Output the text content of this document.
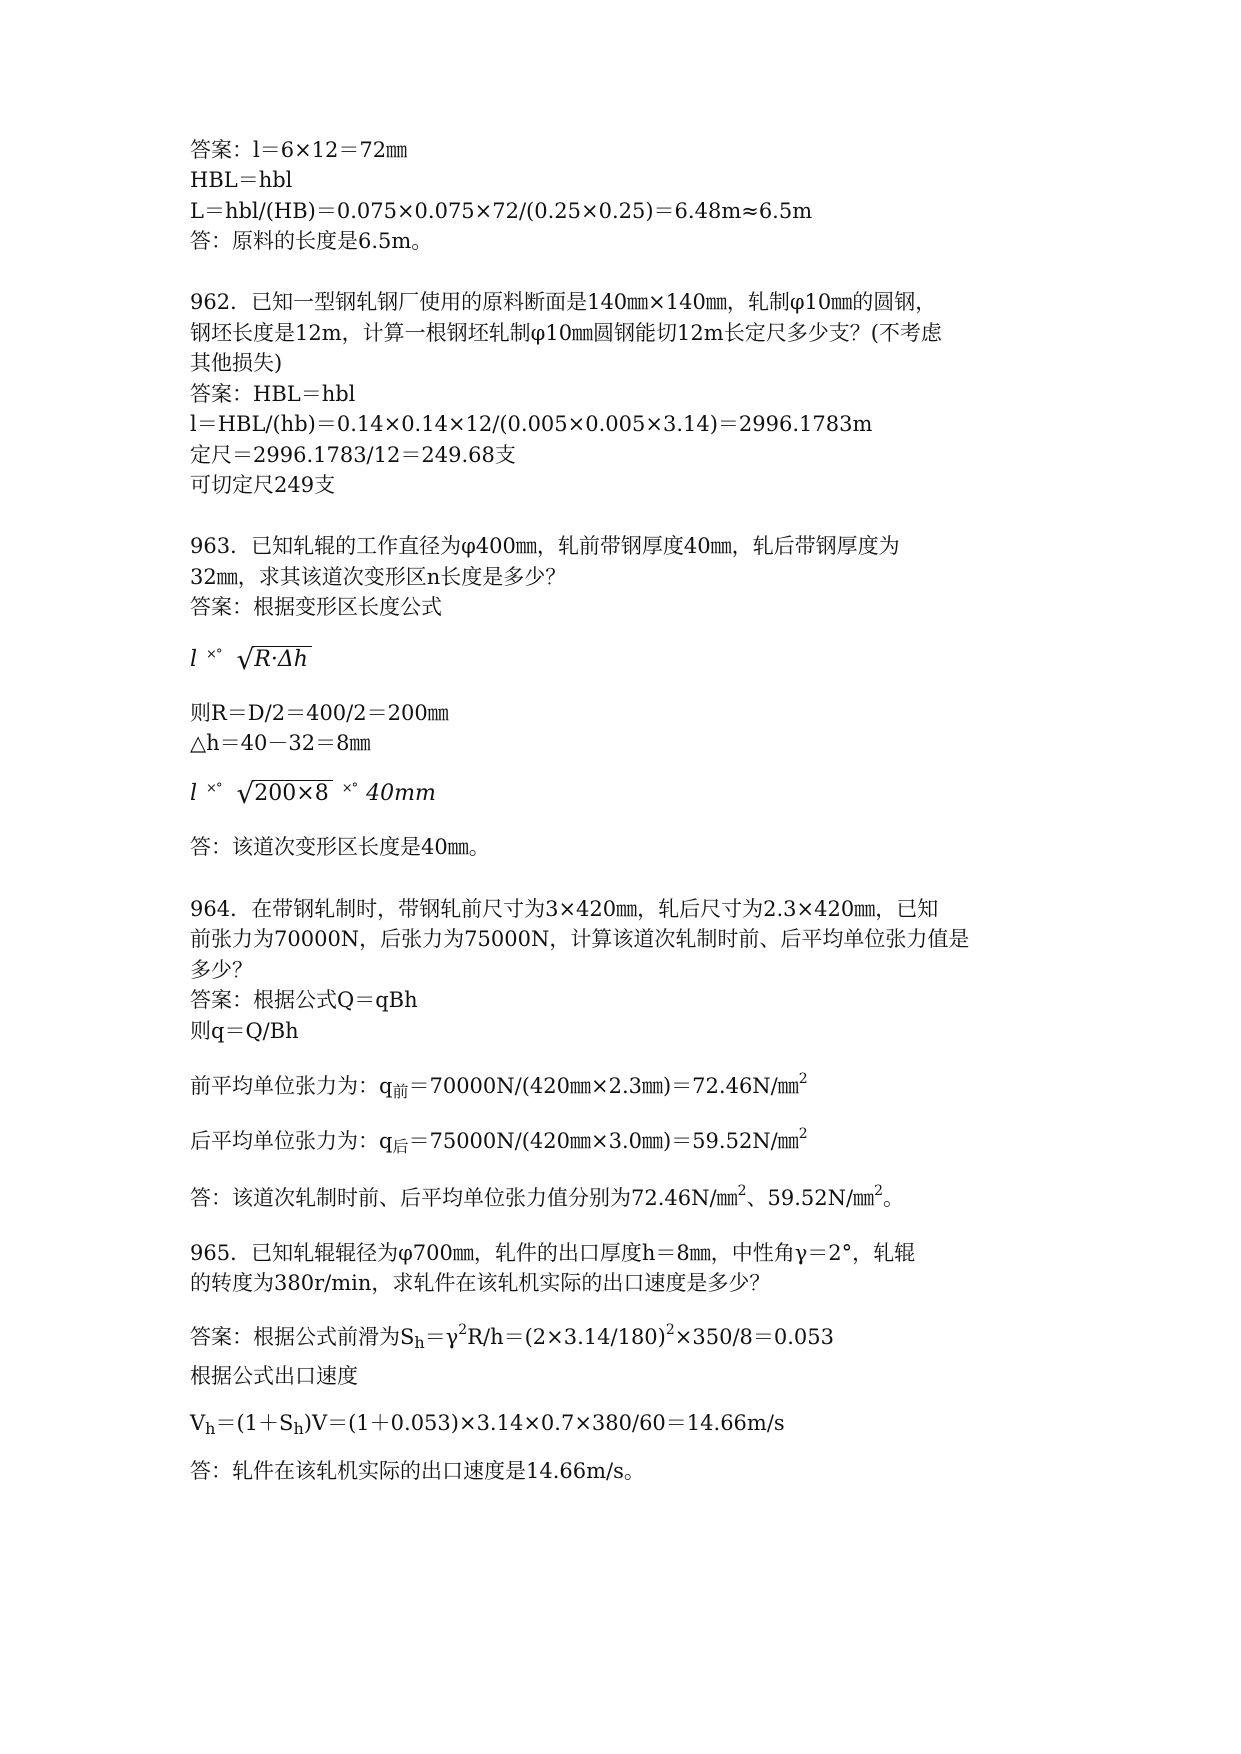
答案：l＝6×12＝72㎜
HBL＝hbl
L＝hbl/(HB)＝0.075×0.075×72/(0.25×0.25)＝6.48m≈6.5m
答：原料的长度是6.5m。
962．已知一型钢轧钢厂使用的原料断面是140㎜×140㎜，轧制φ10㎜的圆钢，
钢坯长度是12m，计算一根钢坯轧制φ10㎜圆钢能切12m长定尺多少支？(不考虑
其他损失)
答案：HBL＝hbl
l＝HBL/(hb)＝0.14×0.14×12/(0.005×0.005×3.14)＝2996.1783m
定尺＝2996.1783/12＝249.68支
可切定尺249支
963．已知轧辊的工作直径为φ400㎜，轧前带钢厚度40㎜，轧后带钢厚度为
32㎜，求其该道次变形区n长度是多少？
答案：根据变形区长度公式
l ×° √R·Δh
则R＝D/2＝400/2＝200㎜
△h＝40－32＝8㎜
l ×° √200×8 ×° 40mm
答：该道次变形区长度是40㎜。
964．在带钢轧制时，带钢轧前尺寸为3×420㎜，轧后尺寸为2.3×420㎜，已知
前张力为70000N，后张力为75000N，计算该道次轧制时前、后平均单位张力值是
多少？
答案：根据公式Q＝qBh
则q＝Q/Bh
前平均单位张力为：$q_前=70000N/(420㎜\times 2.3㎜)=72.46N/㎜^2$
后平均单位张力为：$q_后=75000N/(420㎜\times 3.0㎜)=59.52N/㎜^2$
答：该道次轧制时前、后平均单位张力值分别为72.46N/㎜$^2$、59.52N/㎜$^2$。
965．已知轧辊辊径为φ700㎜，轧件的出口厚度h＝8㎜，中性角γ＝2°，轧辊
的转度为380r/min，求轧件在该轧机实际的出口速度是多少？
答案：根据公式前滑为$S_h=\gamma^2R/h=(2\times 3.14/180)^2\times 350/8=0.053$
根据公式出口速度
$V_h=(1+S_h)V=(1+0.053)\times 3.14\times 0.7\times 380/60=14.66m/s$
答：轧件在该轧机实际的出口速度是14.66m/s。
